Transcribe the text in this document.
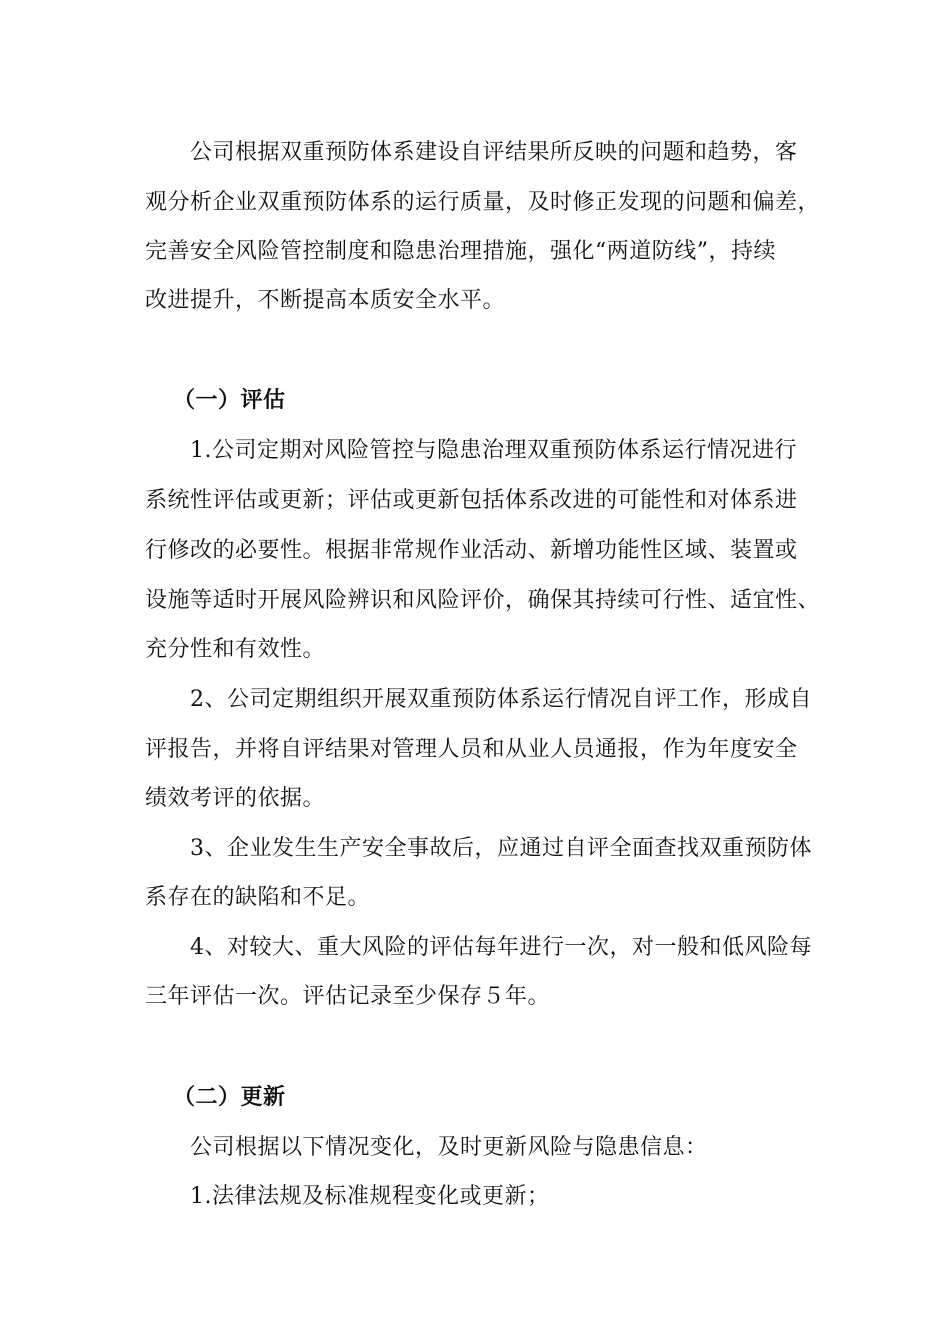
公司根据双重预防体系建设自评结果所反映的问题和趋势，客
观分析企业双重预防体系的运行质量，及时修正发现的问题和偏差，
完善安全风险管控制度和隐患治理措施，强化“两道防线”，持续
改进提升，不断提高本质安全水平。
（一）评估
1.公司定期对风险管控与隐患治理双重预防体系运行情况进行
系统性评估或更新；评估或更新包括体系改进的可能性和对体系进
行修改的必要性。根据非常规作业活动、新增功能性区域、装置或
设施等适时开展风险辨识和风险评价，确保其持续可行性、适宜性、
充分性和有效性。
2、公司定期组织开展双重预防体系运行情况自评工作，形成自
评报告，并将自评结果对管理人员和从业人员通报，作为年度安全
绩效考评的依据。
3、企业发生生产安全事故后，应通过自评全面查找双重预防体
系存在的缺陷和不足。
4、对较大、重大风险的评估每年进行一次，对一般和低风险每
三年评估一次。评估记录至少保存５年。
（二）更新
公司根据以下情况变化，及时更新风险与隐患信息：
1.法律法规及标准规程变化或更新；
